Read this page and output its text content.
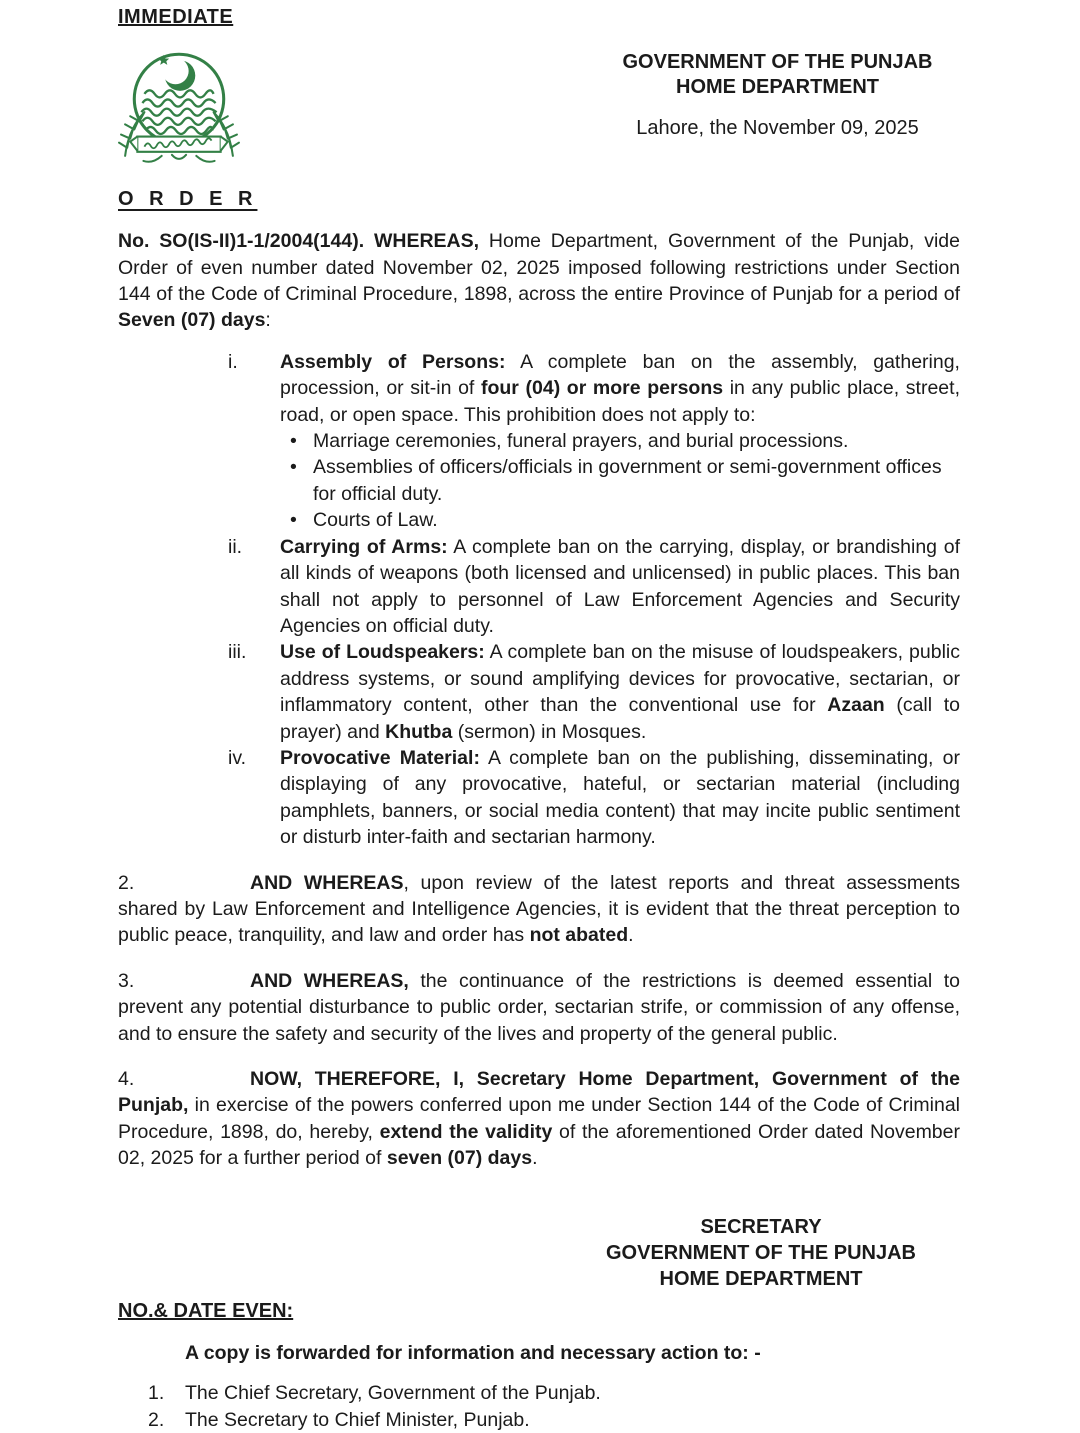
IMMEDIATE
GOVERNMENT OF THE PUNJAB
HOME DEPARTMENT
Lahore, the November 09, 2025
O R D E R

No. SO(IS-II)1-1/2004(144). WHEREAS, Home Department, Government of the Punjab, vide Order of even number dated November 02, 2025 imposed following restrictions under Section 144 of the Code of Criminal Procedure, 1898, across the entire Province of Punjab for a period of Seven (07) days:

i.	Assembly of Persons: A complete ban on the assembly, gathering, procession, or sit-in of four (04) or more persons in any public place, street, road, or open space. This prohibition does not apply to:
• Marriage ceremonies, funeral prayers, and burial processions.
• Assemblies of officers/officials in government or semi-government offices for official duty.
• Courts of Law.
ii.	Carrying of Arms: A complete ban on the carrying, display, or brandishing of all kinds of weapons (both licensed and unlicensed) in public places. This ban shall not apply to personnel of Law Enforcement Agencies and Security Agencies on official duty.
iii.	Use of Loudspeakers: A complete ban on the misuse of loudspeakers, public address systems, or sound amplifying devices for provocative, sectarian, or inflammatory content, other than the conventional use for Azaan (call to prayer) and Khutba (sermon) in Mosques.
iv.	Provocative Material: A complete ban on the publishing, disseminating, or displaying of any provocative, hateful, or sectarian material (including pamphlets, banners, or social media content) that may incite public sentiment or disturb inter-faith and sectarian harmony.

2.	AND WHEREAS, upon review of the latest reports and threat assessments shared by Law Enforcement and Intelligence Agencies, it is evident that the threat perception to public peace, tranquility, and law and order has not abated.

3.	AND WHEREAS, the continuance of the restrictions is deemed essential to prevent any potential disturbance to public order, sectarian strife, or commission of any offense, and to ensure the safety and security of the lives and property of the general public.

4.	NOW, THEREFORE, I, Secretary Home Department, Government of the Punjab, in exercise of the powers conferred upon me under Section 144 of the Code of Criminal Procedure, 1898, do, hereby, extend the validity of the aforementioned Order dated November 02, 2025 for a further period of seven (07) days.

SECRETARY
GOVERNMENT OF THE PUNJAB
HOME DEPARTMENT
NO.& DATE EVEN:

A copy is forwarded for information and necessary action to: -

1.	The Chief Secretary, Government of the Punjab.
2.	The Secretary to Chief Minister, Punjab.
